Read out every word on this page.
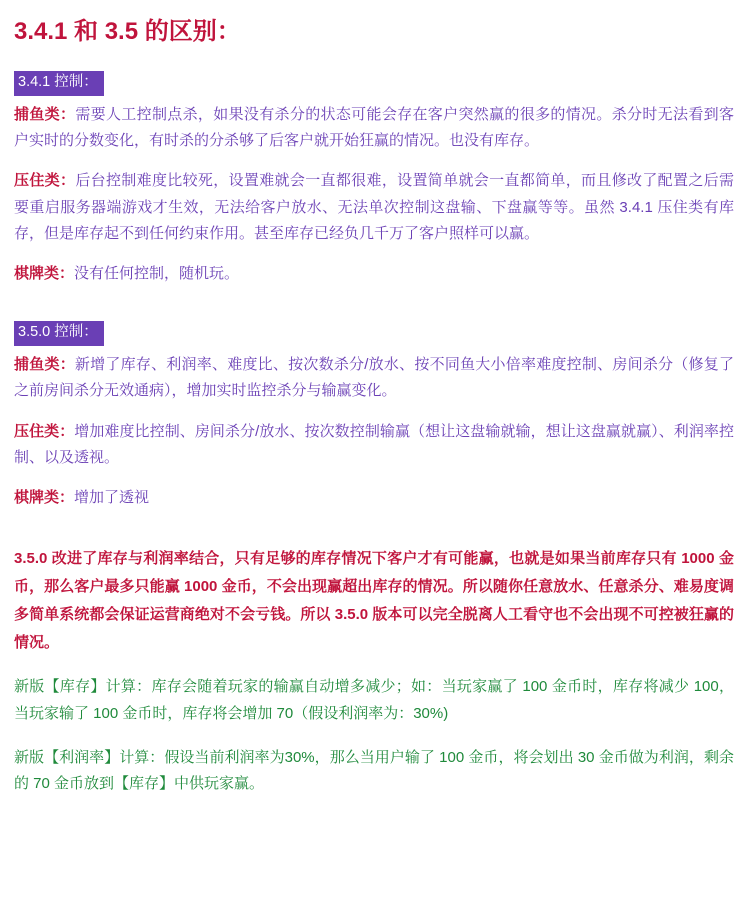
3.4.1 和 3.5 的区别：
3.4.1 控制：

捕鱼类：需要人工控制点杀，如果没有杀分的状态可能会存在客户突然赢的很多的情况。杀分时无法看到客户实时的分数变化，有时杀的分杀够了后客户就开始狂赢的情况。也没有库存。

压住类：后台控制难度比较死，设置难就会一直都很难，设置简单就会一直都简单，而且修改了配置之后需要重启服务器端游戏才生效，无法给客户放水、无法单次控制这盘输、下盘赢等等。虽然 3.4.1 压住类有库存，但是库存起不到任何约束作用。甚至库存已经负几千万了客户照样可以赢。

棋牌类：没有任何控制，随机玩。

3.5.0 控制：

捕鱼类：新增了库存、利润率、难度比、按次数杀分/放水、按不同鱼大小倍率难度控制、房间杀分（修复了之前房间杀分无效通病），增加实时监控杀分与输赢变化。

压住类：增加难度比控制、房间杀分/放水、按次数控制输赢（想让这盘输就输，想让这盘赢就赢）、利润率控制、以及透视。

棋牌类：增加了透视

3.5.0 改进了库存与利润率结合，只有足够的库存情况下客户才有可能赢，也就是如果当前库存只有 1000 金币，那么客户最多只能赢 1000 金币，不会出现赢超出库存的情况。所以随你任意放水、任意杀分、难易度调多简单系统都会保证运营商绝对不会亏钱。所以 3.5.0 版本可以完全脱离人工看守也不会出现不可控被狂赢的情况。

新版【库存】计算：库存会随着玩家的输赢自动增多减少；如：当玩家赢了 100 金币时，库存将减少 100，当玩家输了 100 金币时，库存将会增加 70（假设利润率为：30%)

新版【利润率】计算：假设当前利润率为30%，那么当用户输了 100 金币，将会划出 30 金币做为利润，剩余的 70 金币放到【库存】中供玩家赢。
